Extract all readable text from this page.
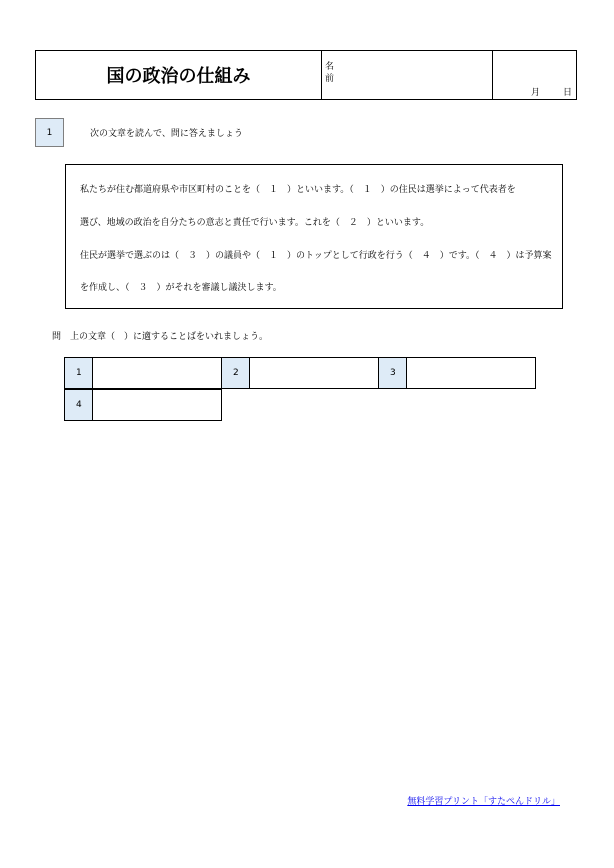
国の政治の仕組み	名前
月	日
1	次の文章を読んで、問に答えましょう
私たちが住む都道府県や市区町村のことを（　１　）といいます。（　１　）の住民は選挙によって代表者を
選び、地域の政治を自分たちの意志と責任で行います。これを（　２　）といいます。
住民が選挙で選ぶのは（　３　）の議員や（　１　）のトップとして行政を行う（　４　）です。（　４　）は予算案
を作成し、（　３　）がそれを審議し議決します。
問　上の文章（　）に適することばをいれましょう。
1		2		3	
4	
無料学習プリント「すたぺんドリル」
